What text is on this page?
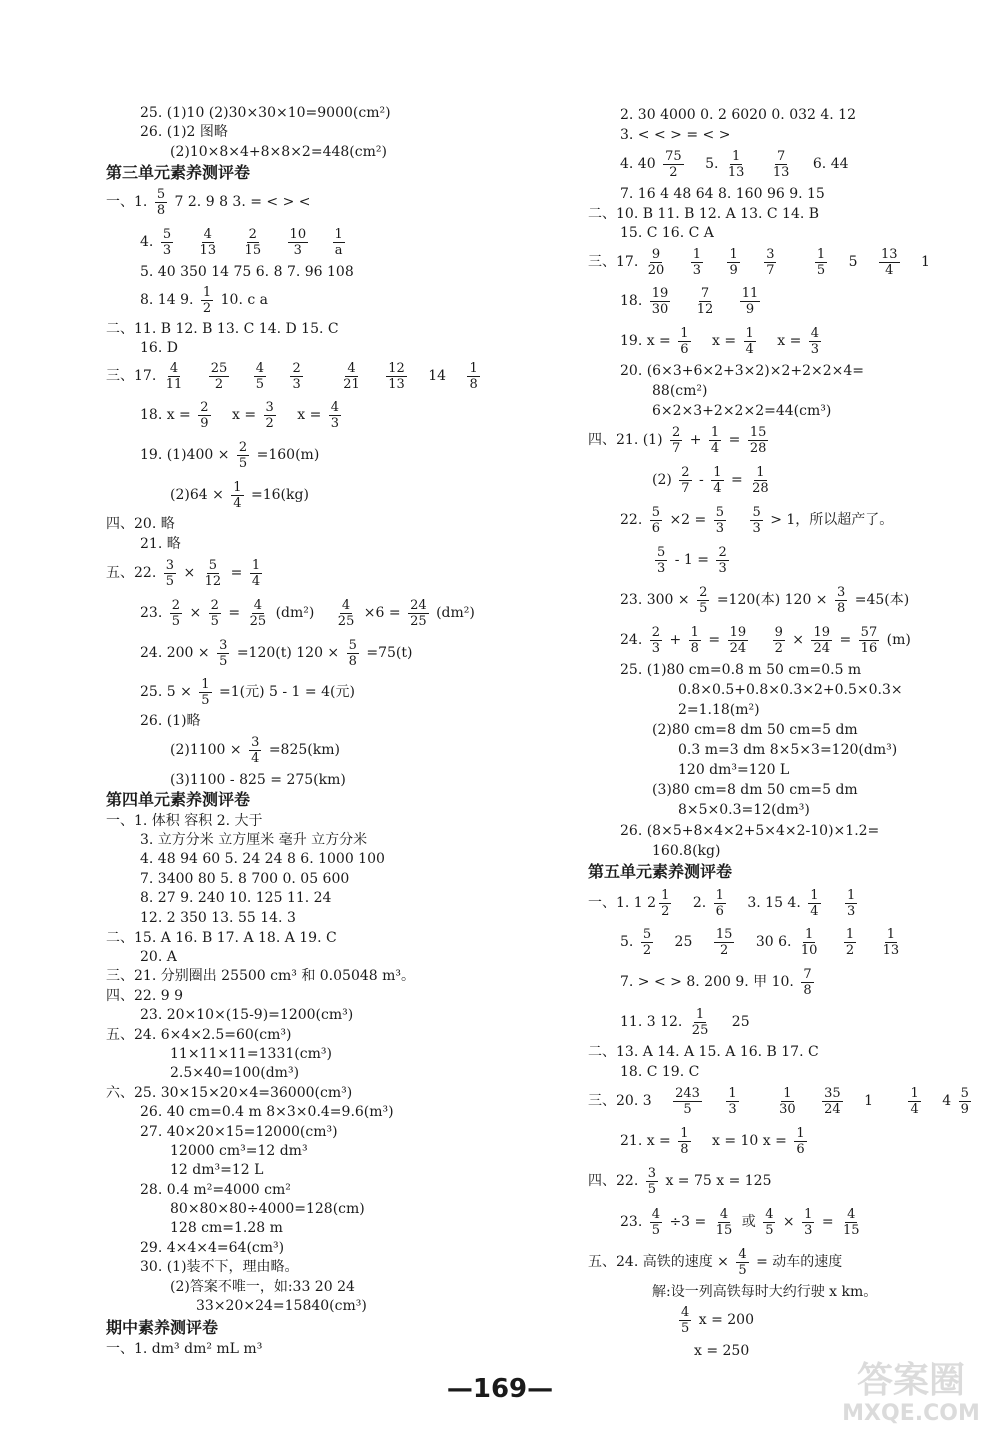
25. (1)10 (2)30×30×10=9000(cm²)
26. (1)2 图略
(2)10×8×4+8×8×2=448(cm²)
第三单元素养测评卷
一、1. $\frac{5}{8} 7$ 2. 9 8 3. = < > <
4. $\frac{5}{3}$
$\frac{4}{13}$
$\frac{2}{15}$
$\frac{10}{3}$
$\frac{1}{a}$
5. 40 350 14 75 6. 8 7. 96 108
8. 14 9. $\frac{1}{2} 10$. c a
二、11. B 12. B 13. C 14. D 15. C
16. D
三、17. $\frac{4}{11}$
$\frac{25}{2}$
$\frac{4}{5}$
$\frac{2}{3}$
	$\frac{4}{21}$
$\frac{12}{13} 14 \frac{1}{8}$
18. $x = \frac{2}{9}$ $x = \frac{3}{2}$ $x = \frac{4}{3}$
19. $(1)400 \times \frac{2}{5} =160(m)$
$(2)64 \times \frac{1}{4} =16(kg)$
四、20. 略
21. 略
五、22. $\frac{3}{5} \times \frac{5}{12} = \frac{1}{4}$
23. $\frac{2}{5} \times \frac{2}{5} = \frac{4}{25} (dm^2) \frac{4}{25} \times 6 = \frac{24}{25} (dm^2)$
24. $200 \times \frac{3}{5} =120(t) 120 \times \frac{5}{8} =75(t)$
25. $5 \times \frac{1}{5} =1$(元) 5 - 1 = 4(元)
26. (1)略
$(2)1100 \times \frac{3}{4} =825(km)$
(3)1100 - 825 = 275(km)
第四单元素养测评卷
一、1. 体积 容积 2. 大于
3. 立方分米 立方厘米 毫升 立方分米
4. 48 94 60 5. 24 24 8 6. 1000 100
7. 3400 80 5. 8 700 0. 05 600
8. 27 9. 240 10. 125 11. 24
12. 2 350 13. 55 14. 3
二、15. A 16. B 17. A 18. A 19. C
20. A
三、21. 分别圈出 25500 cm³ 和 0.05048 m³。
四、22. 9 9
23. 20×10×(15-9)=1200(cm³)
五、24. 6×4×2.5=60(cm³)
11×11×11=1331(cm³)
2.5×40=100(dm³)
六、25. 30×15×20×4=36000(cm³)
26. 40 cm=0.4 m 8×3×0.4=9.6(m³)
27. 40×20×15=12000(cm³)
12000 cm³=12 dm³
12 dm³=12 L
28. 0.4 m²=4000 cm²
80×80×80÷4000=128(cm)
128 cm=1.28 m
29. 4×4×4=64(cm³)
30. (1)装不下，理由略。
(2)答案不唯一，如:33 20 24
33×20×24=15840(cm³)
期中素养测评卷
一、1. dm³ dm² mL m³
2. 30 4000 0. 2 6020 0. 032 4. 12
3. < < > = < >
4. $40 \frac{75}{2} 5$. $\frac{1}{13}$
$\frac{7}{13} 6$. 44
7. 16 4 48 64 8. 160 96 9. 15
二、10. B 11. B 12. A 13. C 14. B
15. C 16. C A
三、17. $\frac{9}{20}$
$\frac{1}{3}$
$\frac{1}{9}$
$\frac{3}{7}$
	$\frac{1}{5} 5 \frac{13}{4} 1$
18. $\frac{19}{30}$
$\frac{7}{12}$
$\frac{11}{9}$
19. $x = \frac{1}{6}$ $x = \frac{1}{4}$ $x = \frac{4}{3}$
20. (6×3+6×2+3×2)×2+2×2×4=
88(cm²)
6×2×3+2×2×2=44(cm³)
四、21. $(1) \frac{2}{7} + \frac{1}{4} = \frac{15}{28}$
$(2) \frac{2}{7} - \frac{1}{4} = \frac{1}{28}$
22. $\frac{5}{6} \times 2 = \frac{5}{3}$
$\frac{5}{3} > 1$，所以超产了。
$\frac{5}{3} - 1 = \frac{2}{3}$
23. $300 \times \frac{2}{5} =120$(本) $120 \times \frac{3}{8} =45$(本)
24. $\frac{2}{3} + \frac{1}{8} = \frac{19}{24}$
$\frac{9}{2} \times \frac{19}{24} = \frac{57}{16} (m)$
25. (1)80 cm=0.8 m 50 cm=0.5 m
0.8×0.5+0.8×0.3×2+0.5×0.3×
2=1.18(m²)
(2)80 cm=8 dm 50 cm=5 dm
0.3 m=3 dm 8×5×3=120(dm³)
120 dm³=120 L
(3)80 cm=8 dm 50 cm=5 dm
8×5×0.3=12(dm³)
26. (8×5+8×4×2+5×4×2-10)×1.2=
160.8(kg)
第五单元素养测评卷
一、1. 1 $2 \frac{1}{2} 2$. $\frac{1}{6} 3$. 15 4. $\frac{1}{4}$
$\frac{1}{3}$
5. $\frac{5}{2} 25 \frac{15}{2} 30$ 6. $\frac{1}{10}$
$\frac{1}{2}$
$\frac{1}{13}$
7. > < > 8. 200 9. 甲 10. $\frac{7}{8}$
11. 3 12. $\frac{1}{25} 25$
二、13. A 14. A 15. A 16. B 17. C
18. C 19. C
三、20. $3 \frac{243}{5}$
$\frac{1}{3}$
	$\frac{1}{30}$
$\frac{35}{24} 1$	$\frac{1}{4} 4 \frac{5}{9}$
21. $x = \frac{1}{8}$ x = 10 $x = \frac{1}{6}$
四、22. $\frac{3}{5}$ x = 75 x = 125
23. $\frac{4}{5} \div 3 = \frac{4}{15}$ 或 $\frac{4}{5} \times \frac{1}{3} = \frac{4}{15}$
五、24. 高铁的速度 × $\frac{4}{5}$ = 动车的速度
解:设一列高铁每时大约行驶 x km。
$\frac{4}{5}$ x = 200
x = 250
—169—	答案圈
MXQE.COM
